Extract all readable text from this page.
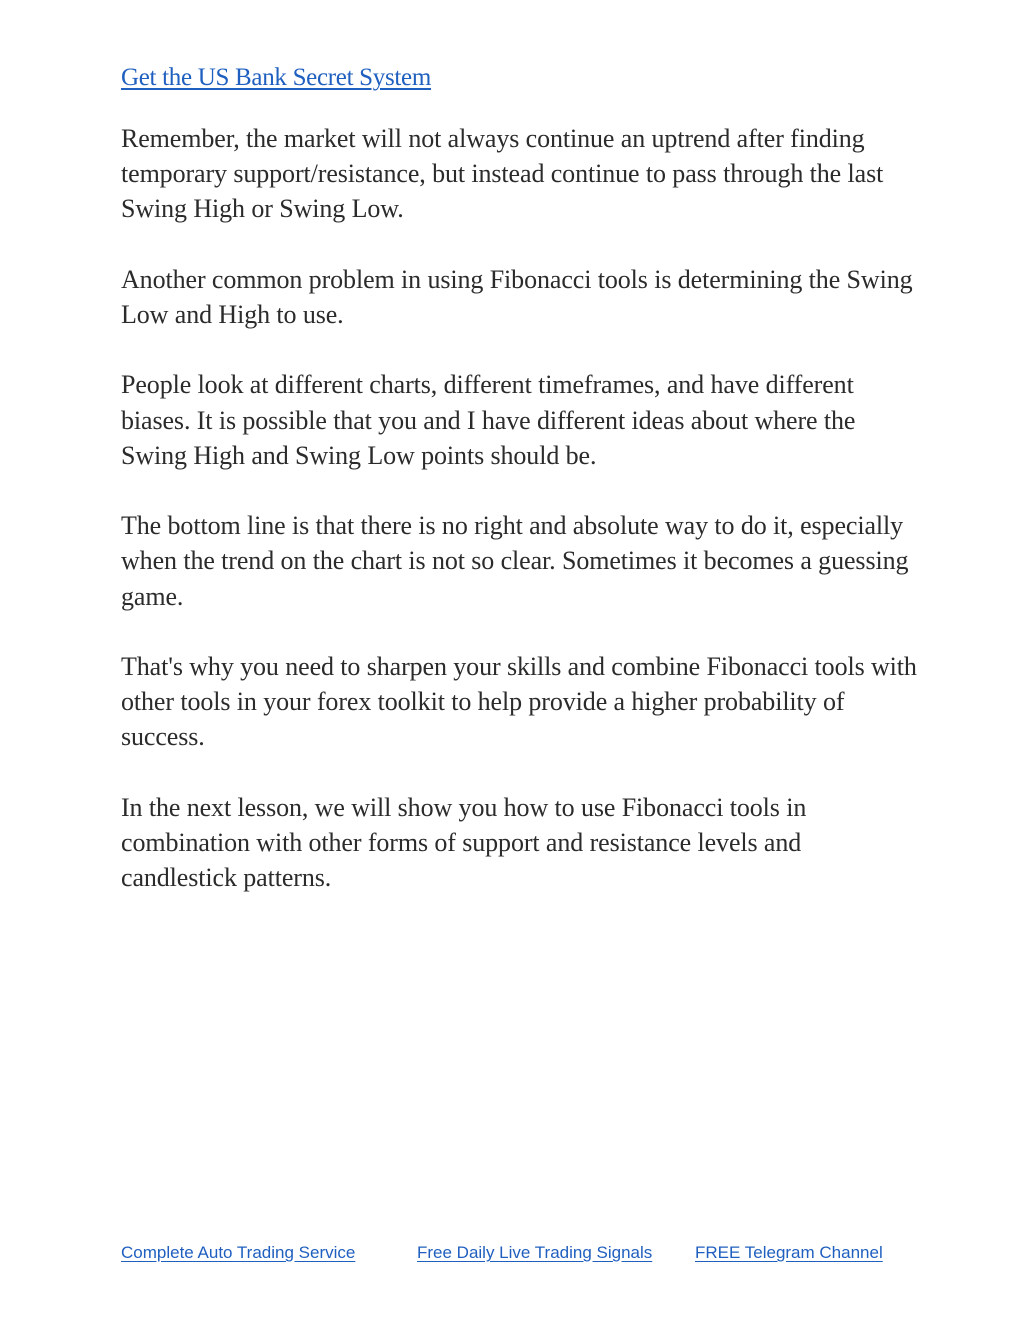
Get the US Bank Secret System

Remember, the market will not always continue an uptrend after finding temporary support/resistance, but instead continue to pass through the last Swing High or Swing Low.

Another common problem in using Fibonacci tools is determining the Swing Low and High to use.

People look at different charts, different timeframes, and have different biases. It is possible that you and I have different ideas about where the Swing High and Swing Low points should be.

The bottom line is that there is no right and absolute way to do it, especially when the trend on the chart is not so clear. Sometimes it becomes a guessing game.

That's why you need to sharpen your skills and combine Fibonacci tools with other tools in your forex toolkit to help provide a higher probability of success.

In the next lesson, we will show you how to use Fibonacci tools in combination with other forms of support and resistance levels and candlestick patterns.

Complete Auto Trading Service	Free Daily Live Trading Signals	FREE Telegram Channel
